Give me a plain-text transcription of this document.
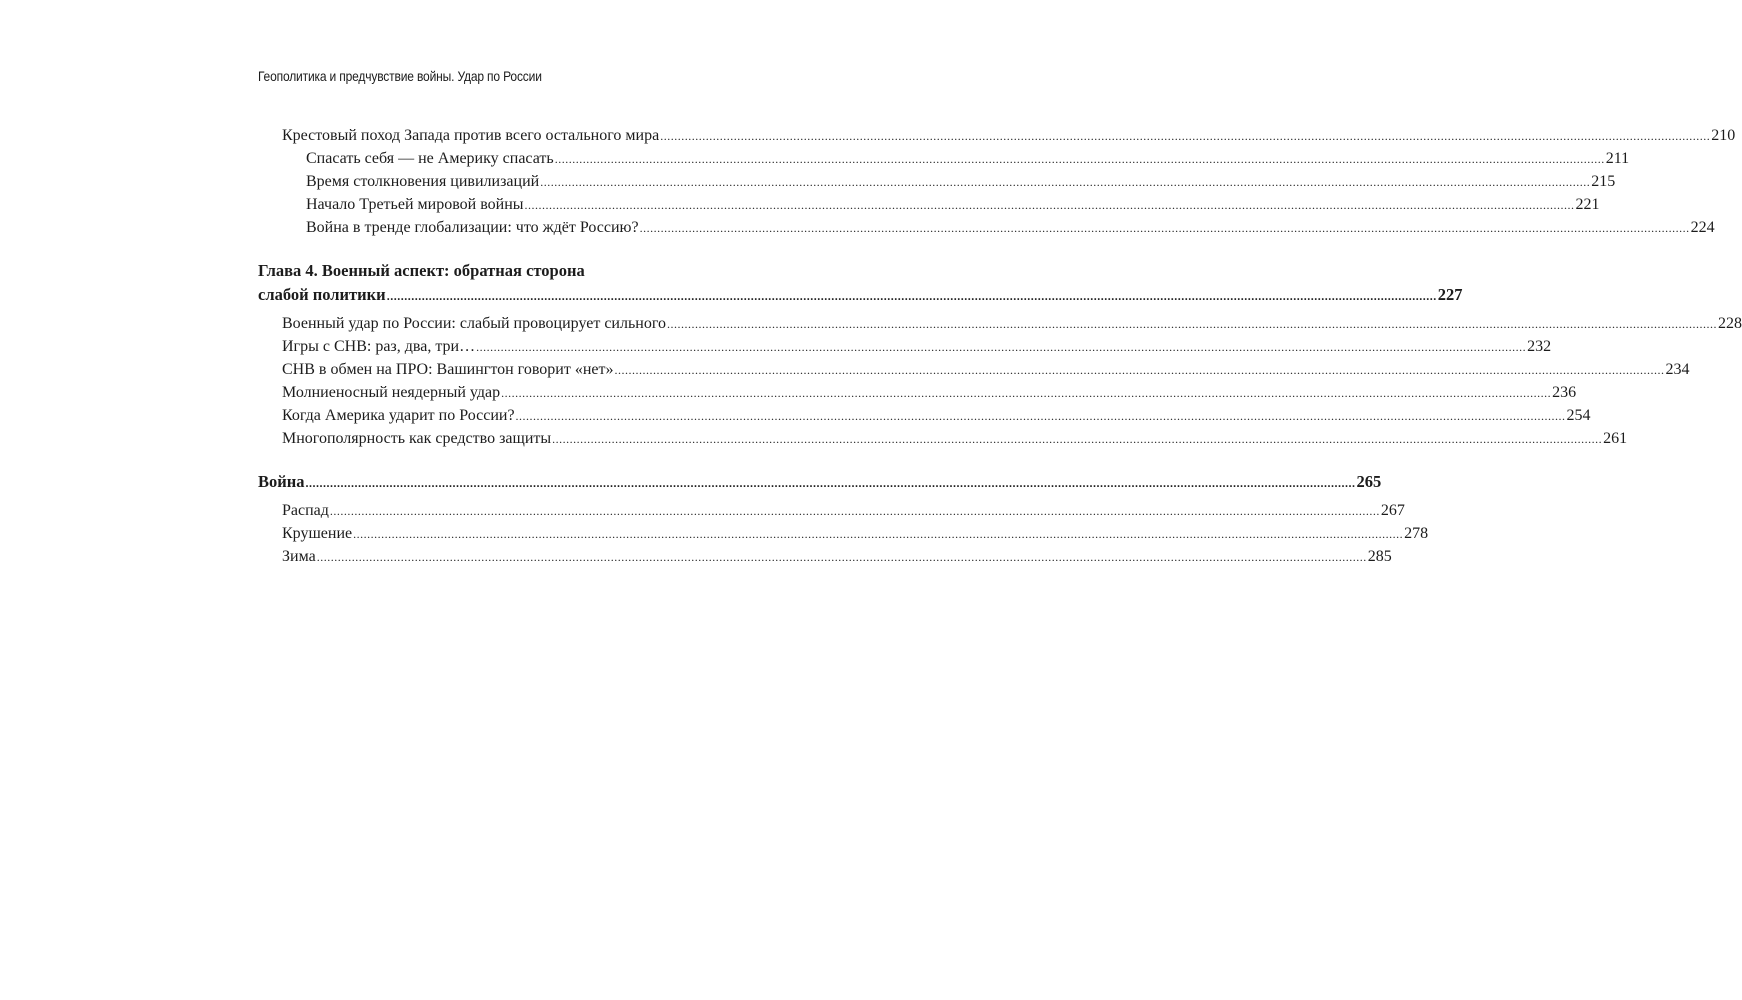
Геополитика и предчувствие войны. Удар по России
Крестовый поход Запада против всего остального мира ............................................................................................................................................................................................................................................................................................................ 210
Спасать себя — не Америку спасать ............................................................................................................................................................................................................................................................................................................ 211
Время столкновения цивилизаций ............................................................................................................................................................................................................................................................................................................ 215
Начало Третьей мировой войны ............................................................................................................................................................................................................................................................................................................ 221
Война в тренде глобализации: что ждёт Россию? ............................................................................................................................................................................................................................................................................................................ 224
Глава 4. Военный аспект: обратная сторона
слабой политики ............................................................................................................................................................................................................................................................................................................ 227
Военный удар по России: слабый провоцирует сильного ............................................................................................................................................................................................................................................................................................................ 228
Игры с СНВ: раз, два, три… ............................................................................................................................................................................................................................................................................................................ 232
СНВ в обмен на ПРО: Вашингтон говорит «нет» ............................................................................................................................................................................................................................................................................................................ 234
Молниеносный неядерный удар ............................................................................................................................................................................................................................................................................................................ 236
Когда Америка ударит по России? ............................................................................................................................................................................................................................................................................................................ 254
Многополярность как средство защиты ............................................................................................................................................................................................................................................................................................................ 261
Война ............................................................................................................................................................................................................................................................................................................ 265
Распад ............................................................................................................................................................................................................................................................................................................ 267
Крушение ............................................................................................................................................................................................................................................................................................................ 278
Зима ............................................................................................................................................................................................................................................................................................................ 285
